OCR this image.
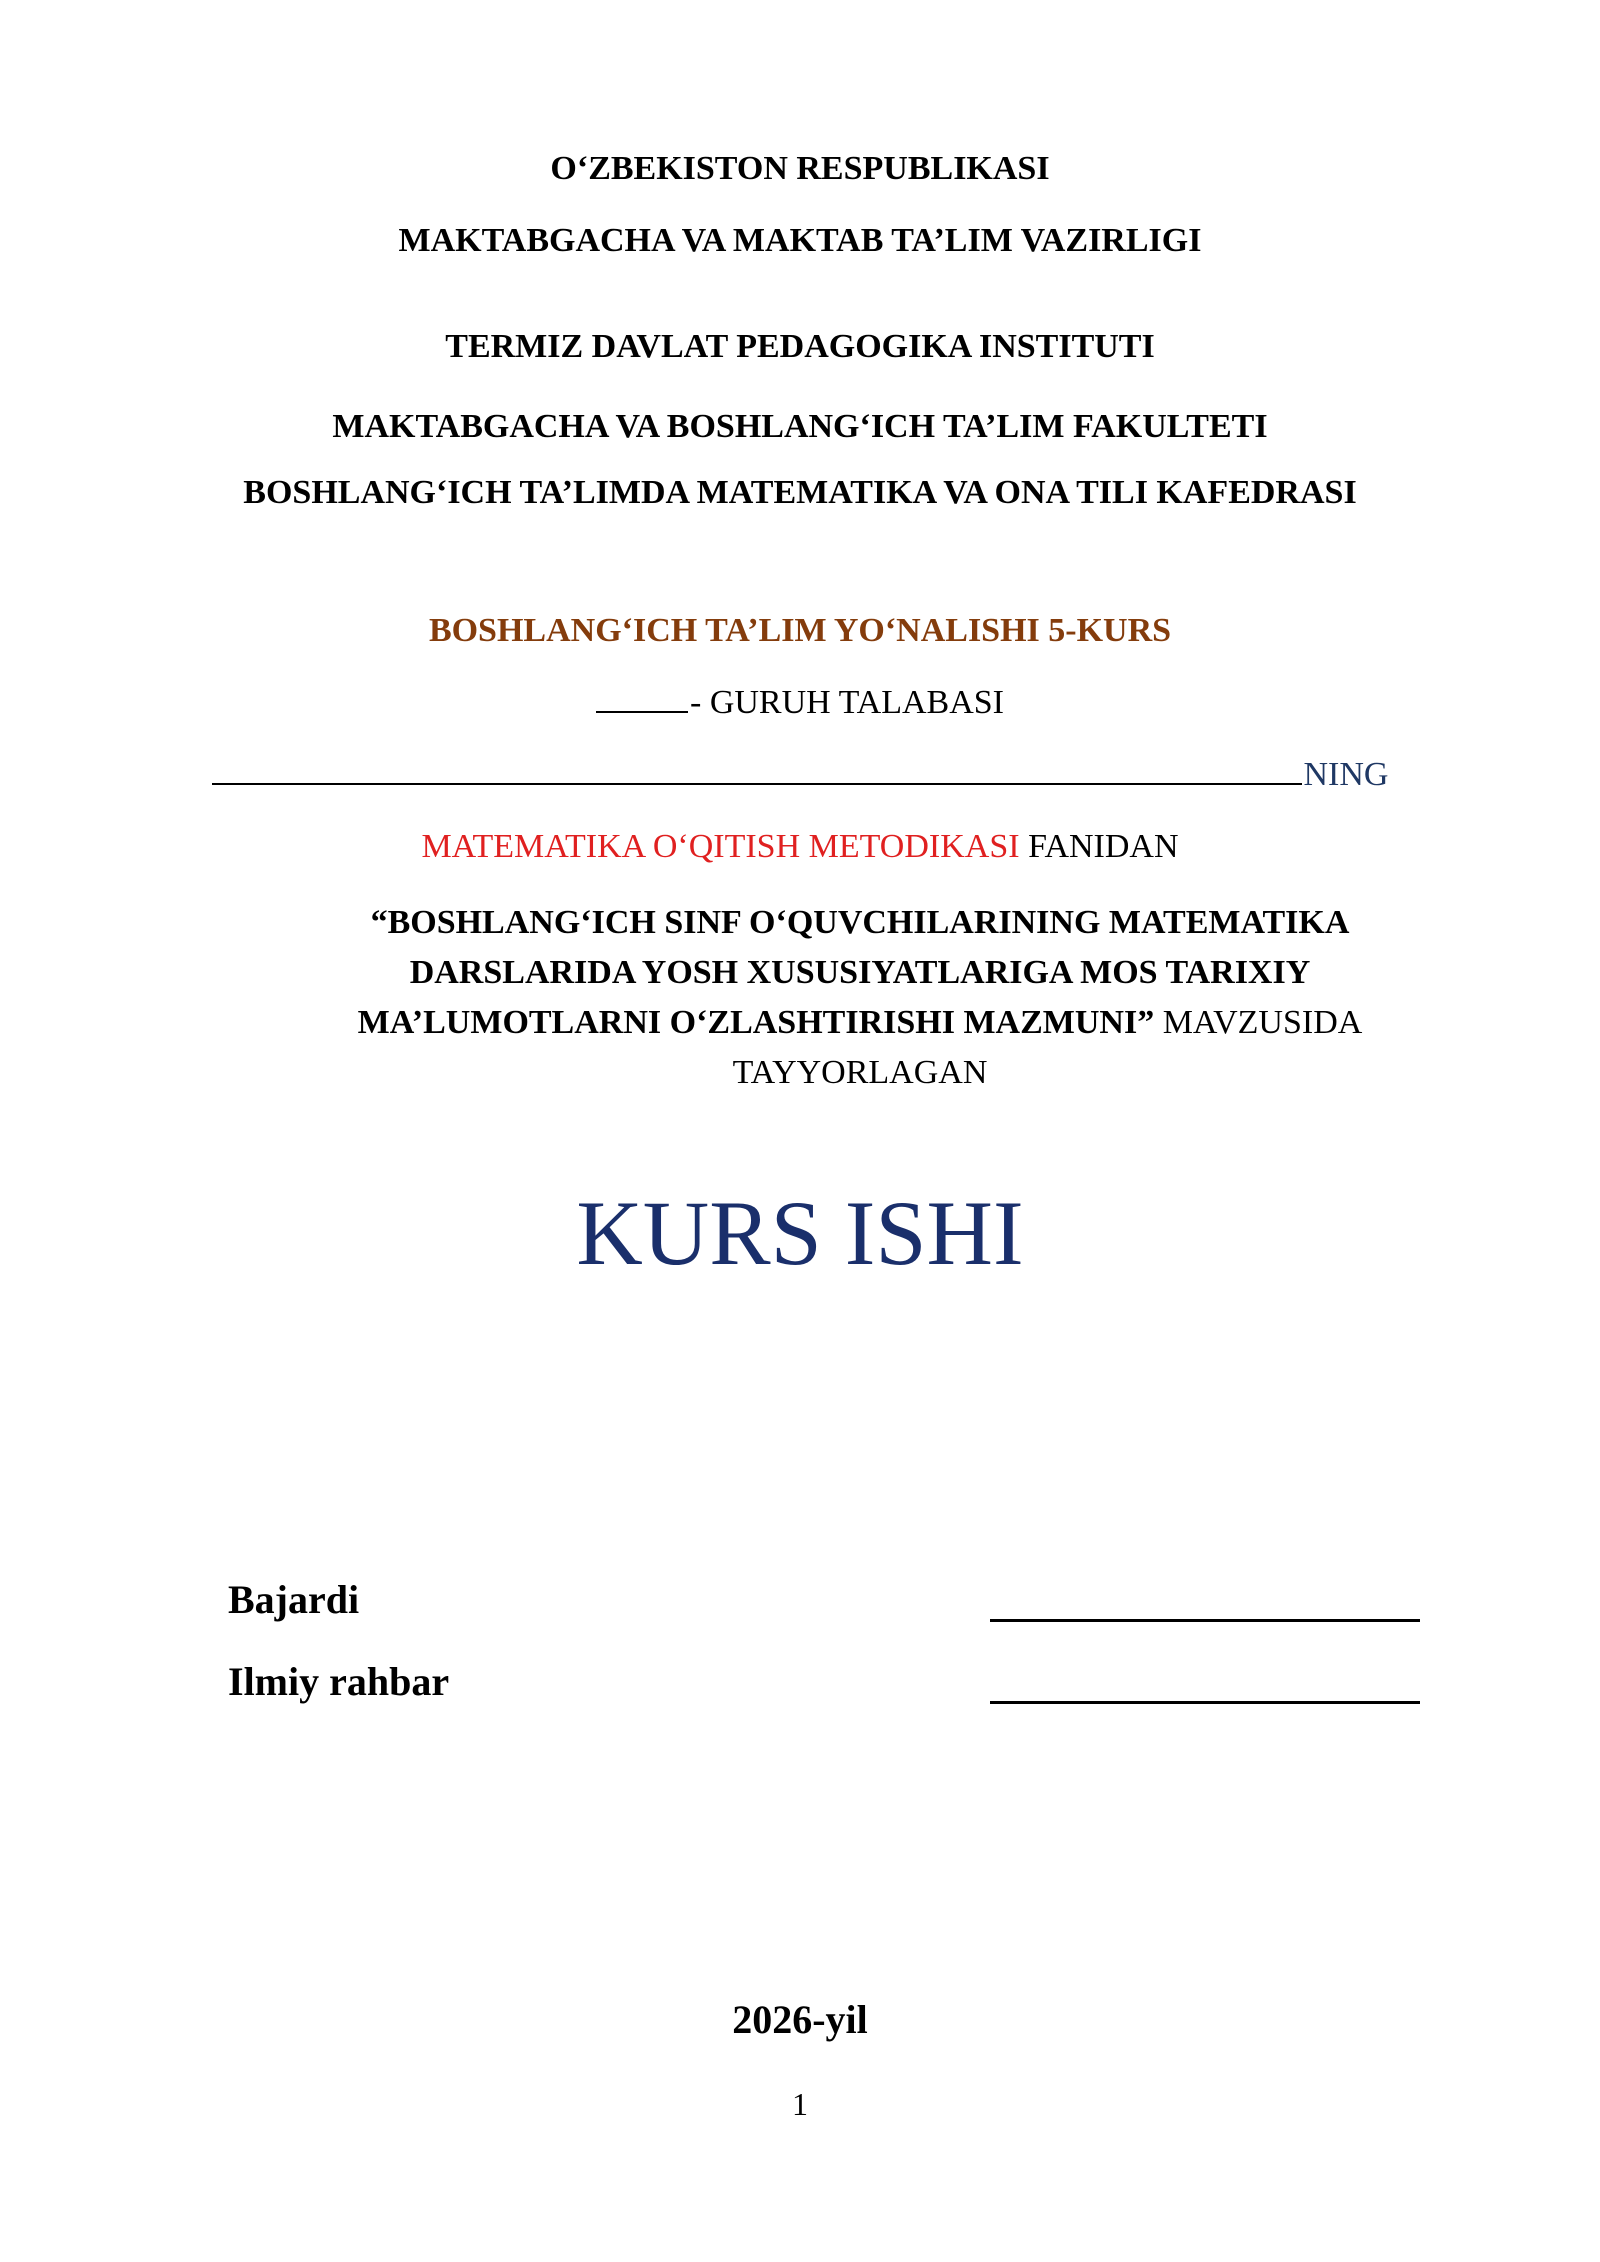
O‘ZBEKISTON RESPUBLIKASI
MAKTABGACHA VA MAKTAB TA’LIM VAZIRLIGI
TERMIZ DAVLAT PEDAGOGIKA INSTITUTI
MAKTABGACHA VA BOSHLANG‘ICH TA’LIM FAKULTETI
BOSHLANG‘ICH TA’LIMDA MATEMATIKA VA ONA TILI KAFEDRASI
BOSHLANG‘ICH TA’LIM YO‘NALISHI 5-KURS
- GURUH TALABASI
NING
MATEMATIKA O‘QITISH METODIKASI FANIDAN
“BOSHLANG‘ICH SINF O‘QUVCHILARINING MATEMATIKA
DARSLARIDA YOSH XUSUSIYATLARIGA MOS TARIXIY
MA’LUMOTLARNI O‘ZLASHTIRISHI MAZMUNI” MAVZUSIDA
TAYYORLAGAN
KURS ISHI
Bajardi
Ilmiy rahbar
2026-yil
1
